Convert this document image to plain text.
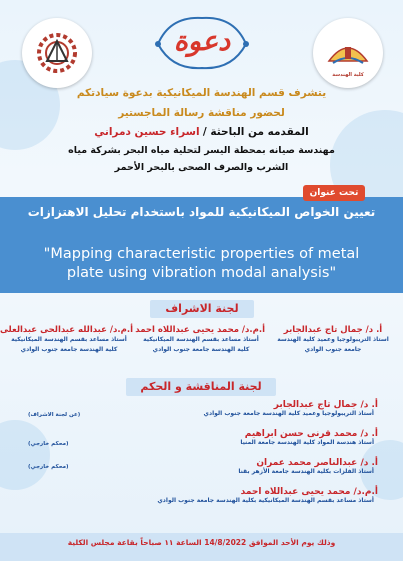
دعوة
كلية الهندسة
يتشرف قسم الهندسة الميكانيكية بدعوة سيادتكم
لحضور مناقشة رسالة الماجستير
المقدمه من الباحثة / اسراء حسين دمراني
مهندسة صيانه بمحطة اليسر لتحلية مياه البحر بشركة مياه
الشرب والصرف الصحى بالبحر الأحمر
تحت عنوان
تعيين الخواص الميكانيكية للمواد باستخدام تحليل الاهتزازات
"Mapping characteristic properties of metal
plate using vibration modal analysis"
لجنة الاشراف
أ. د/ جمال تاج عبدالجابر
استاذ التريبولوجيا وعميد كلية الهندسة جامعة جنوب الوادي
أ.م.د/ محمد يحيى عبداللاه احمد
أستاذ مساعد بقسم الهندسة الميكانيكية كلية الهندسة جامعة جنوب الوادي
أ.م.د/ عبدالله عبدالحى عبدالعلى
أستاذ مساعد بقسم الهندسة الميكانيكية كلية الهندسة جامعة جنوب الوادي
لجنة المناقشة و الحكم
أ. د/ جمال تاج عبدالجابر
أستاذ التريبولوجيا وعميد كلية الهندسة جامعة جنوب الوادي
(عن لجنة الاشراف)
أ. د/ محمد قرنى حسن ابراهيم
أستاذ هندسة المواد كلية الهندسة جامعة المنيا
(محكم خارجي)
أ. د/ عبدالناصر محمد عمران
أستاذ الفلزات بكلية الهندسة جامعة الأزهر بقنا
(محكم خارجي)
أ.م.د/ محمد يحيى عبداللاه احمد
أستاذ مساعد بقسم الهندسة الميكانيكية بكلية الهندسة جامعة جنوب الوادي
وذلك يوم الأحد الموافق 14/8/2022 الساعة ١١ صباحاً بقاعة مجلس الكلية
